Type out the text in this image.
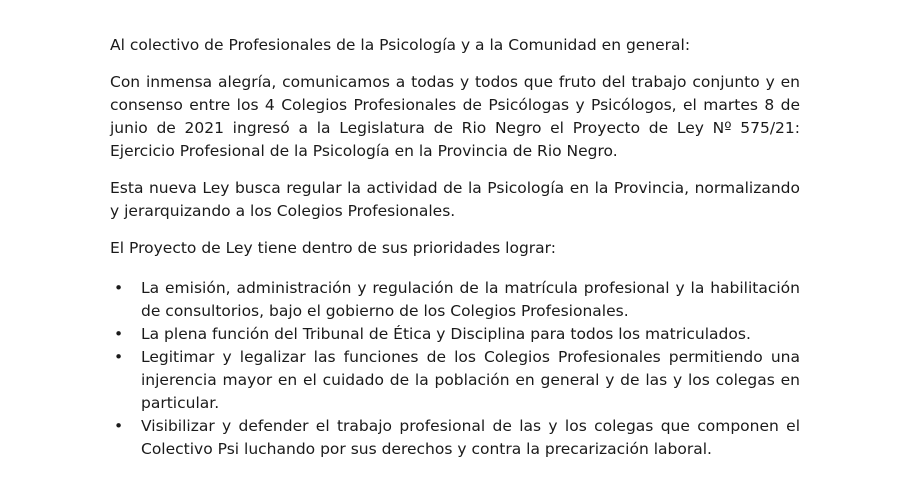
Al colectivo de Profesionales de la Psicología y a la Comunidad en general:

Con inmensa alegría, comunicamos a todas y todos que fruto del trabajo conjunto y en consenso entre los 4 Colegios Profesionales de Psicólogas y Psicólogos, el martes 8 de junio de 2021 ingresó a la Legislatura de Rio Negro el Proyecto de Ley Nº 575/21: Ejercicio Profesional de la Psicología en la Provincia de Rio Negro.

Esta nueva Ley busca regular la actividad de la Psicología en la Provincia, normalizando y jerarquizando a los Colegios Profesionales.

El Proyecto de Ley tiene dentro de sus prioridades lograr:

•	La emisión, administración y regulación de la matrícula profesional y la habilitación de consultorios, bajo el gobierno de los Colegios Profesionales.
•	La plena función del Tribunal de Ética y Disciplina para todos los matriculados.
•	Legitimar y legalizar las funciones de los Colegios Profesionales permitiendo una injerencia mayor en el cuidado de la población en general y de las y los colegas en particular.
•	Visibilizar y defender el trabajo profesional de las y los colegas que componen el Colectivo Psi luchando por sus derechos y contra la precarización laboral.
